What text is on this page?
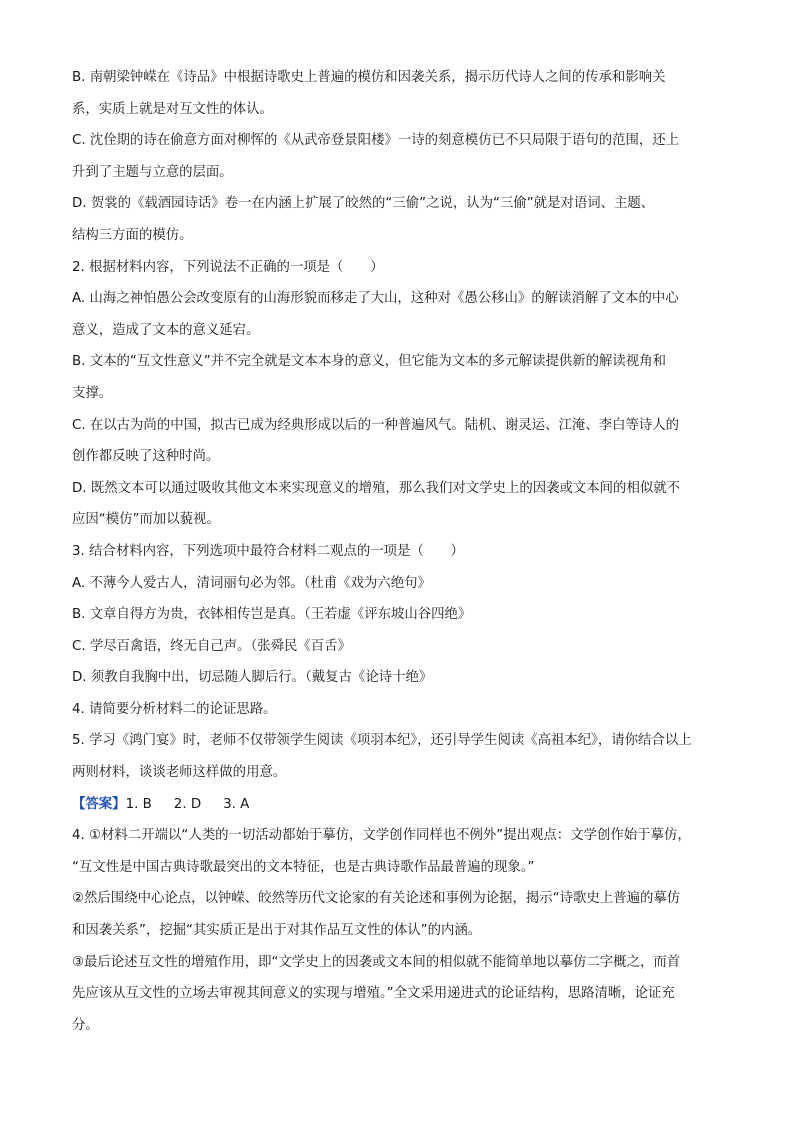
B. 南朝梁钟嵘在《诗品》中根据诗歌史上普遍的模仿和因袭关系，揭示历代诗人之间的传承和影响关

系，实质上就是对互文性的体认。

C. 沈佺期的诗在偷意方面对柳恽的《从武帝登景阳楼》一诗的刻意模仿已不只局限于语句的范围，还上

升到了主题与立意的层面。

D. 贺裳的《载酒园诗话》卷一在内涵上扩展了皎然的“三偷”之说，认为“三偷”就是对语词、主题、

结构三方面的模仿。

2. 根据材料内容，下列说法不正确的一项是（　　）

A. 山海之神怕愚公会改变原有的山海形貌而移走了大山，这种对《愚公移山》的解读消解了文本的中心

意义，造成了文本的意义延宕。

B. 文本的“互文性意义”并不完全就是文本本身的意义，但它能为文本的多元解读提供新的解读视角和

支撑。

C. 在以古为尚的中国，拟古已成为经典形成以后的一种普遍风气。陆机、谢灵运、江淹、李白等诗人的

创作都反映了这种时尚。

D. 既然文本可以通过吸收其他文本来实现意义的增殖，那么我们对文学史上的因袭或文本间的相似就不

应因“模仿”而加以藐视。

3. 结合材料内容，下列选项中最符合材料二观点的一项是（　　）

A. 不薄今人爱古人，清词丽句必为邻。（杜甫《戏为六绝句》

B. 文章自得方为贵，衣钵相传岂是真。（王若虚《评东坡山谷四绝》

C. 学尽百禽语，终无自己声。（张舜民《百舌》

D. 须教自我胸中出，切忌随人脚后行。（戴复古《论诗十绝》

4. 请简要分析材料二的论证思路。

5. 学习《鸿门宴》时，老师不仅带领学生阅读《项羽本纪》，还引导学生阅读《高祖本纪》，请你结合以上

两则材料，谈谈老师这样做的用意。

【答案】1. B 2. D 3. A

4. ①材料二开端以“人类的一切活动都始于摹仿，文学创作同样也不例外”提出观点：文学创作始于摹仿，

“互文性是中国古典诗歌最突出的文本特征，也是古典诗歌作品最普遍的现象。”

②然后围绕中心论点，以钟嵘、皎然等历代文论家的有关论述和事例为论据，揭示“诗歌史上普遍的摹仿

和因袭关系”，挖掘“其实质正是出于对其作品互文性的体认”的内涵。

③最后论述互文性的增殖作用，即“文学史上的因袭或文本间的相似就不能简单地以摹仿二字概之，而首

先应该从互文性的立场去审视其间意义的实现与增殖。”全文采用递进式的论证结构，思路清晰，论证充

分。
